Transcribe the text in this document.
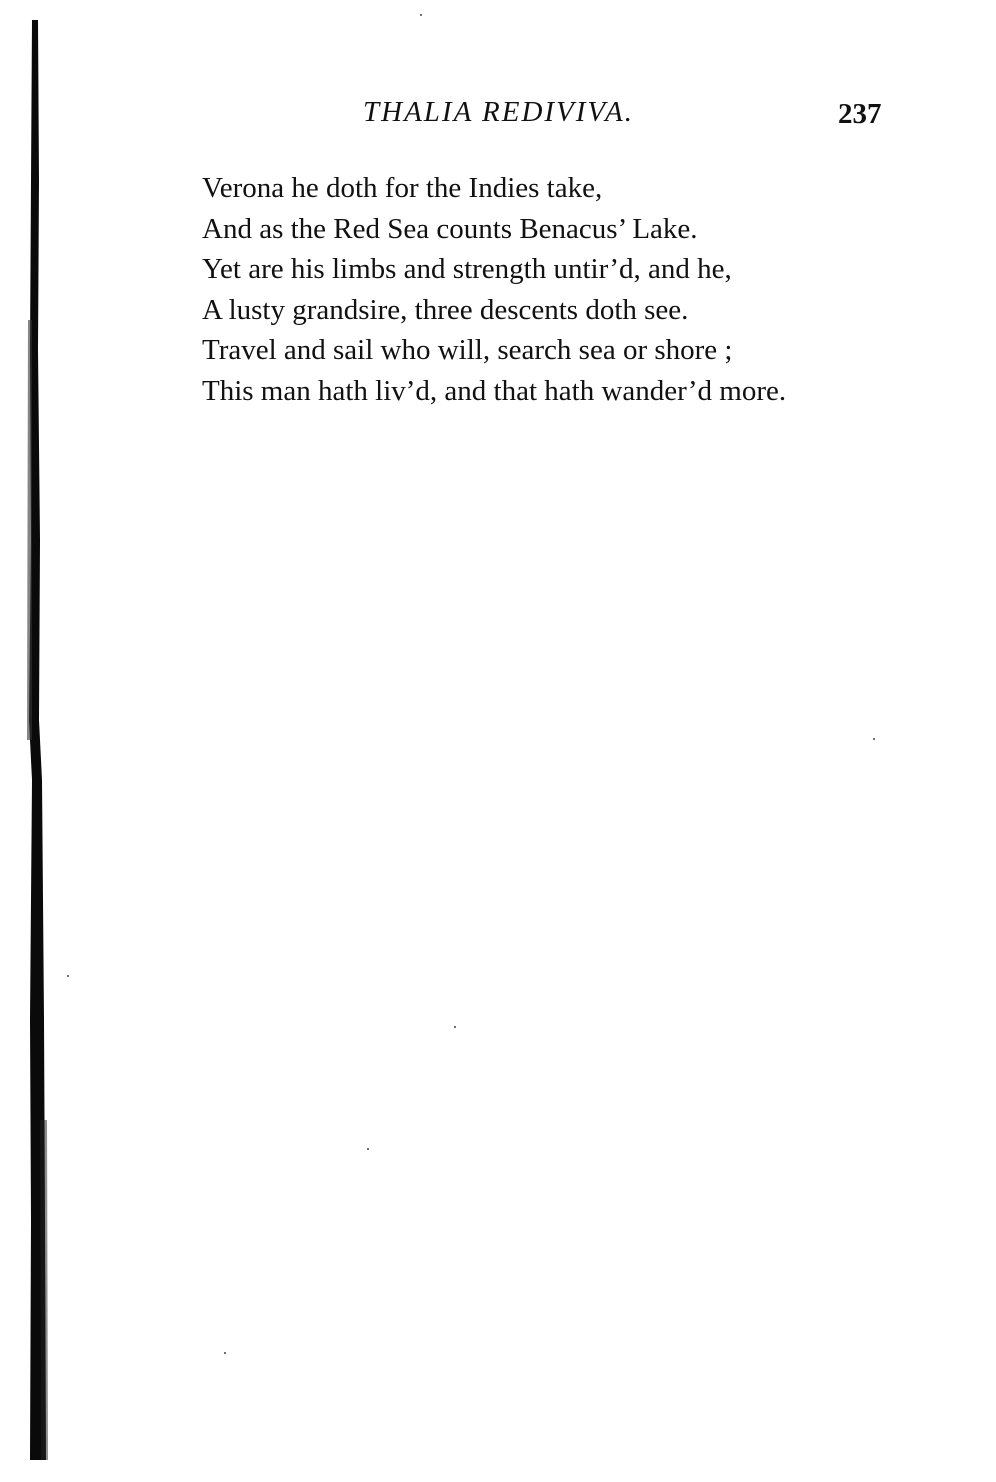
THALIA REDIVIVA.	237
Verona he doth for the Indies take,
And as the Red Sea counts Benacus’ Lake.
Yet are his limbs and strength untir’d, and he,
A lusty grandsire, three descents doth see.
Travel and sail who will, search sea or shore ;
This man hath liv’d, and that hath wander’d more.
